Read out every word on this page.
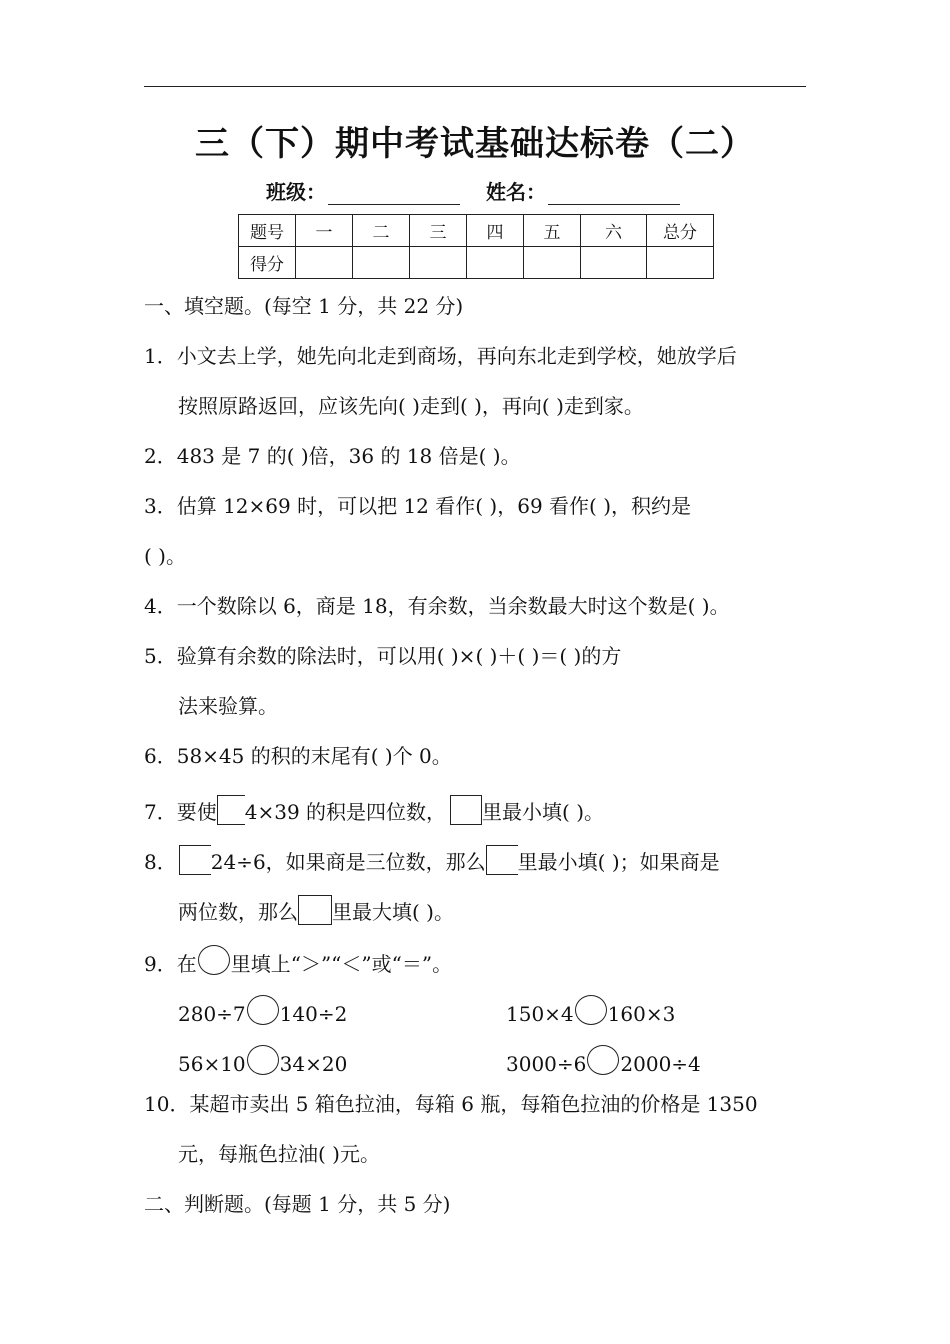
三（下）期中考试基础达标卷（二）
班级：	姓名：
题号	一	二	三	四	五	六	总分
得分							
一、填空题。(每空 1 分，共 22 分)
1．小文去上学，她先向北走到商场，再向东北走到学校，她放学后
按照原路返回，应该先向( )走到( )，再向( )走到家。
2．483 是 7 的( )倍，36 的 18 倍是( )。
3．估算 12×69 时，可以把 12 看作( )，69 看作( )，积约是
( )。
4．一个数除以 6，商是 18，有余数，当余数最大时这个数是( )。
5．验算有余数的除法时，可以用( )×( )＋( )＝( )的方
法来验算。
6．58×45 的积的末尾有( )个 0。
7．要使 4×39 的积是四位数， 里最小填( )。
8． 24÷6，如果商是三位数，那么 里最小填( )；如果商是
两位数，那么 里最大填( )。
9．在 里填上“＞”“＜”或“＝”。
280÷7 140÷2	150×4 160×3
56×10 34×20	3000÷6 2000÷4
10．某超市卖出 5 箱色拉油，每箱 6 瓶，每箱色拉油的价格是 1350
元，每瓶色拉油( )元。
二、判断题。(每题 1 分，共 5 分)
